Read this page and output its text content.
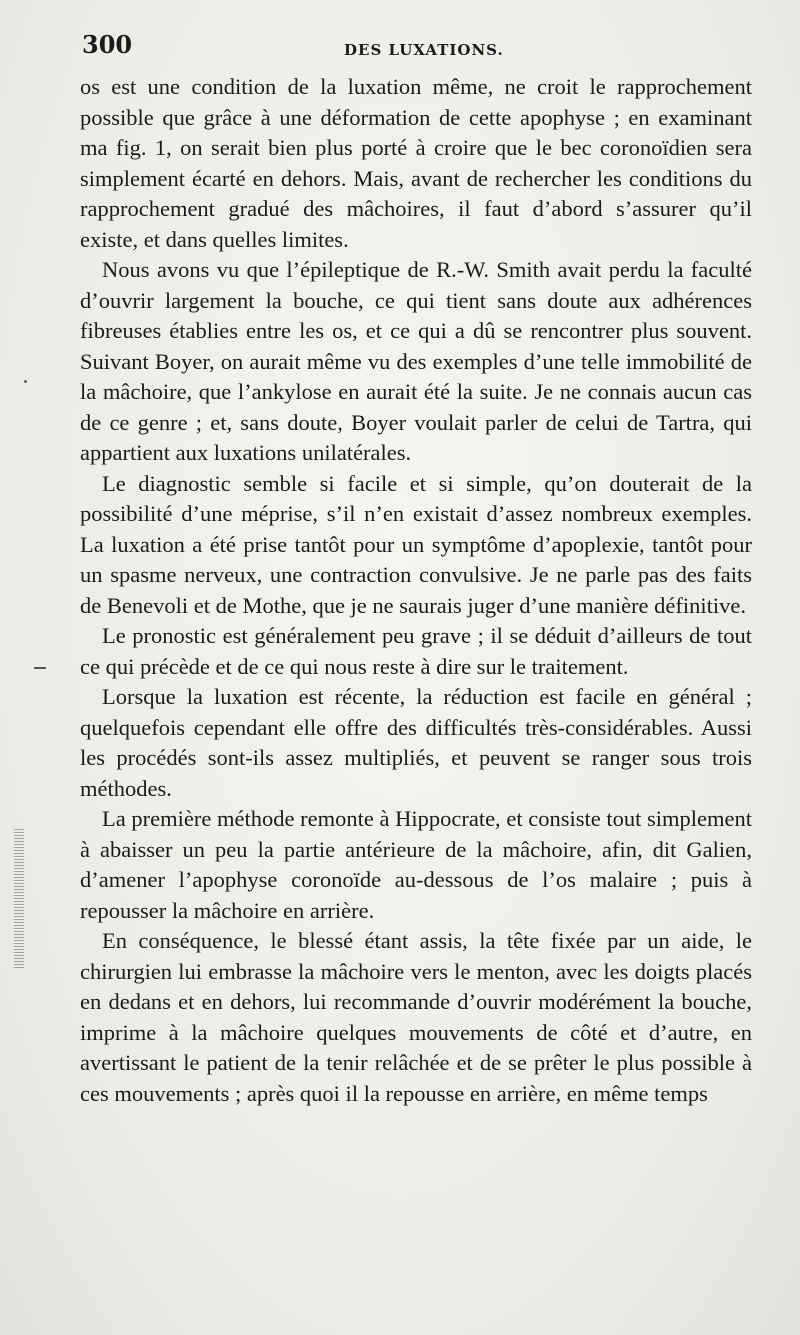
300	DES LUXATIONS.

os est une condition de la luxation même, ne croit le rapprochement possible que grâce à une déformation de cette apophyse ; en examinant ma fig. 1, on serait bien plus porté à croire que le bec coronoïdien sera simplement écarté en dehors. Mais, avant de rechercher les conditions du rapprochement gradué des mâchoires, il faut d’abord s’assurer qu’il existe, et dans quelles limites.

Nous avons vu que l’épileptique de R.-W. Smith avait perdu la faculté d’ouvrir largement la bouche, ce qui tient sans doute aux adhérences fibreuses établies entre les os, et ce qui a dû se rencontrer plus souvent. Suivant Boyer, on aurait même vu des exemples d’une telle immobilité de la mâchoire, que l’ankylose en aurait été la suite. Je ne connais aucun cas de ce genre ; et, sans doute, Boyer voulait parler de celui de Tartra, qui appartient aux luxations unilatérales.

Le diagnostic semble si facile et si simple, qu’on douterait de la possibilité d’une méprise, s’il n’en existait d’assez nombreux exemples. La luxation a été prise tantôt pour un symptôme d’apoplexie, tantôt pour un spasme nerveux, une contraction convulsive. Je ne parle pas des faits de Benevoli et de Mothe, que je ne saurais juger d’une manière définitive.

Le pronostic est généralement peu grave ; il se déduit d’ailleurs de tout ce qui précède et de ce qui nous reste à dire sur le traitement.

Lorsque la luxation est récente, la réduction est facile en général ; quelquefois cependant elle offre des difficultés très-considérables. Aussi les procédés sont-ils assez multipliés, et peuvent se ranger sous trois méthodes.

La première méthode remonte à Hippocrate, et consiste tout simplement à abaisser un peu la partie antérieure de la mâchoire, afin, dit Galien, d’amener l’apophyse coronoïde au-dessous de l’os malaire ; puis à repousser la mâchoire en arrière.

En conséquence, le blessé étant assis, la tête fixée par un aide, le chirurgien lui embrasse la mâchoire vers le menton, avec les doigts placés en dedans et en dehors, lui recommande d’ouvrir modérément la bouche, imprime à la mâchoire quelques mouvements de côté et d’autre, en avertissant le patient de la tenir relâchée et de se prêter le plus possible à ces mouvements ; après quoi il la repousse en arrière, en même temps
